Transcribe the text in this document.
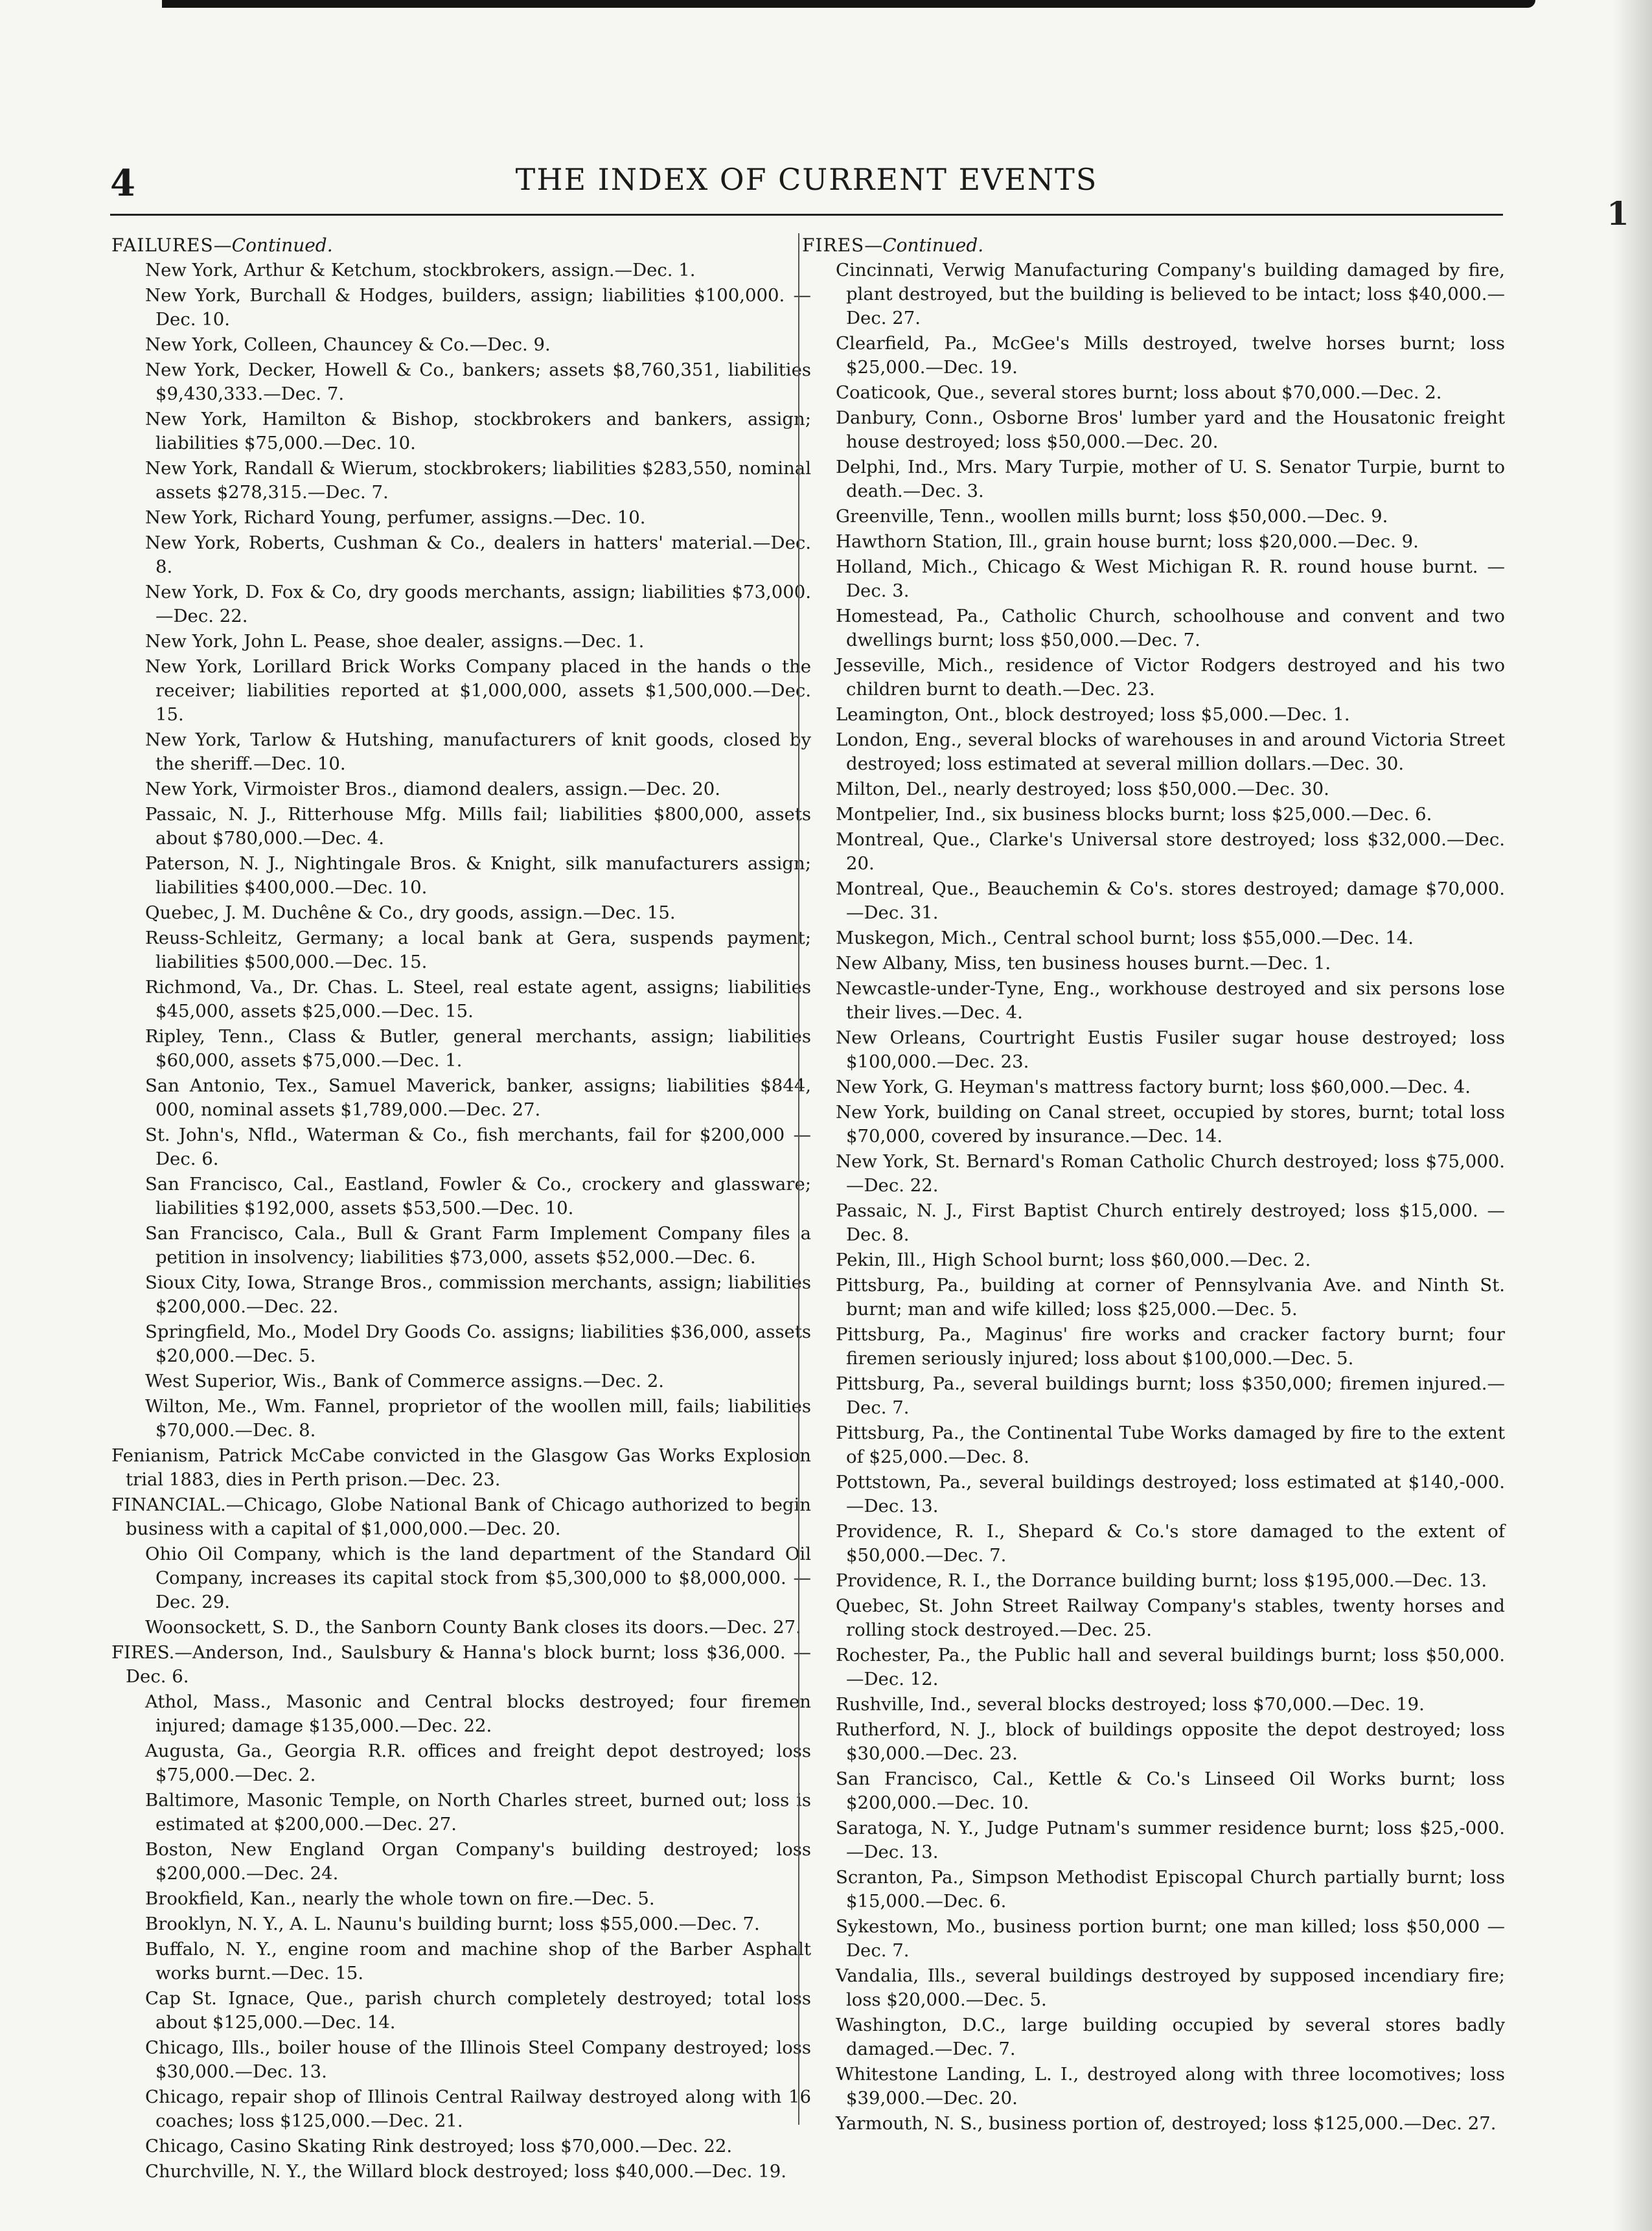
4	THE INDEX OF CURRENT EVENTS
FAILURES—Continued.
New York, Arthur & Ketchum, stockbrokers, assign.—Dec. 1.
New York, Burchall & Hodges, builders, assign; liabilities $100,000. —Dec. 10.
New York, Colleen, Chauncey & Co.—Dec. 9.
New York, Decker, Howell & Co., bankers; assets $8,760,351, liabilities $9,430,333.—Dec. 7.
New York, Hamilton & Bishop, stockbrokers and bankers, assign; liabilities $75,000.—Dec. 10.
New York, Randall & Wierum, stockbrokers; liabilities $283,550, nominal assets $278,315.—Dec. 7.
New York, Richard Young, perfumer, assigns.—Dec. 10.
New York, Roberts, Cushman & Co., dealers in hatters' material.—Dec. 8.
New York, D. Fox & Co, dry goods merchants, assign; liabilities $73,000.—Dec. 22.
New York, John L. Pease, shoe dealer, assigns.—Dec. 1.
New York, Lorillard Brick Works Company placed in the hands o the receiver; liabilities reported at $1,000,000, assets $1,500,000.—Dec. 15.
New York, Tarlow & Hutshing, manufacturers of knit goods, closed by the sheriff.—Dec. 10.
New York, Virmoister Bros., diamond dealers, assign.—Dec. 20.
Passaic, N. J., Ritterhouse Mfg. Mills fail; liabilities $800,000, assets about $780,000.—Dec. 4.
Paterson, N. J., Nightingale Bros. & Knight, silk manufacturers assign; liabilities $400,000.—Dec. 10.
Quebec, J. M. Duchêne & Co., dry goods, assign.—Dec. 15.
Reuss-Schleitz, Germany; a local bank at Gera, suspends payment; liabilities $500,000.—Dec. 15.
Richmond, Va., Dr. Chas. L. Steel, real estate agent, assigns; liabilities $45,000, assets $25,000.—Dec. 15.
Ripley, Tenn., Class & Butler, general merchants, assign; liabilities $60,000, assets $75,000.—Dec. 1.
San Antonio, Tex., Samuel Maverick, banker, assigns; liabilities $844, 000, nominal assets $1,789,000.—Dec. 27.
St. John's, Nfld., Waterman & Co., fish merchants, fail for $200,000 —Dec. 6.
San Francisco, Cal., Eastland, Fowler & Co., crockery and glassware; liabilities $192,000, assets $53,500.—Dec. 10.
San Francisco, Cala., Bull & Grant Farm Implement Company files a petition in insolvency; liabilities $73,000, assets $52,000.—Dec. 6.
Sioux City, Iowa, Strange Bros., commission merchants, assign; liabilities $200,000.—Dec. 22.
Springfield, Mo., Model Dry Goods Co. assigns; liabilities $36,000, assets $20,000.—Dec. 5.
West Superior, Wis., Bank of Commerce assigns.—Dec. 2.
Wilton, Me., Wm. Fannel, proprietor of the woollen mill, fails; liabilities $70,000.—Dec. 8.
Fenianism, Patrick McCabe convicted in the Glasgow Gas Works Explosion trial 1883, dies in Perth prison.—Dec. 23.
FINANCIAL.—Chicago, Globe National Bank of Chicago authorized to begin business with a capital of $1,000,000.—Dec. 20.
Ohio Oil Company, which is the land department of the Standard Oil Company, increases its capital stock from $5,300,000 to $8,000,000. —Dec. 29.
Woonsockett, S. D., the Sanborn County Bank closes its doors.—Dec. 27.
FIRES.—Anderson, Ind., Saulsbury & Hanna's block burnt; loss $36,000. —Dec. 6.
Athol, Mass., Masonic and Central blocks destroyed; four firemen injured; damage $135,000.—Dec. 22.
Augusta, Ga., Georgia R.R. offices and freight depot destroyed; loss $75,000.—Dec. 2.
Baltimore, Masonic Temple, on North Charles street, burned out; loss is estimated at $200,000.—Dec. 27.
Boston, New England Organ Company's building destroyed; loss $200,000.—Dec. 24.
Brookfield, Kan., nearly the whole town on fire.—Dec. 5.
Brooklyn, N. Y., A. L. Naunu's building burnt; loss $55,000.—Dec. 7.
Buffalo, N. Y., engine room and machine shop of the Barber Asphalt works burnt.—Dec. 15.
Cap St. Ignace, Que., parish church completely destroyed; total loss about $125,000.—Dec. 14.
Chicago, Ills., boiler house of the Illinois Steel Company destroyed; loss $30,000.—Dec. 13.
Chicago, repair shop of Illinois Central Railway destroyed along with 16 coaches; loss $125,000.—Dec. 21.
Chicago, Casino Skating Rink destroyed; loss $70,000.—Dec. 22.
Churchville, N. Y., the Willard block destroyed; loss $40,000.—Dec. 19.
FIRES—Continued.
Cincinnati, Verwig Manufacturing Company's building damaged by fire, plant destroyed, but the building is believed to be intact; loss $40,000.—Dec. 27.
Clearfield, Pa., McGee's Mills destroyed, twelve horses burnt; loss $25,000.—Dec. 19.
Coaticook, Que., several stores burnt; loss about $70,000.—Dec. 2.
Danbury, Conn., Osborne Bros' lumber yard and the Housatonic freight house destroyed; loss $50,000.—Dec. 20.
Delphi, Ind., Mrs. Mary Turpie, mother of U. S. Senator Turpie, burnt to death.—Dec. 3.
Greenville, Tenn., woollen mills burnt; loss $50,000.—Dec. 9.
Hawthorn Station, Ill., grain house burnt; loss $20,000.—Dec. 9.
Holland, Mich., Chicago & West Michigan R. R. round house burnt. —Dec. 3.
Homestead, Pa., Catholic Church, schoolhouse and convent and two dwellings burnt; loss $50,000.—Dec. 7.
Jesseville, Mich., residence of Victor Rodgers destroyed and his two children burnt to death.—Dec. 23.
Leamington, Ont., block destroyed; loss $5,000.—Dec. 1.
London, Eng., several blocks of warehouses in and around Victoria Street destroyed; loss estimated at several million dollars.—Dec. 30.
Milton, Del., nearly destroyed; loss $50,000.—Dec. 30.
Montpelier, Ind., six business blocks burnt; loss $25,000.—Dec. 6.
Montreal, Que., Clarke's Universal store destroyed; loss $32,000.—Dec. 20.
Montreal, Que., Beauchemin & Co's. stores destroyed; damage $70,000. —Dec. 31.
Muskegon, Mich., Central school burnt; loss $55,000.—Dec. 14.
New Albany, Miss, ten business houses burnt.—Dec. 1.
Newcastle-under-Tyne, Eng., workhouse destroyed and six persons lose their lives.—Dec. 4.
New Orleans, Courtright Eustis Fusiler sugar house destroyed; loss $100,000.—Dec. 23.
New York, G. Heyman's mattress factory burnt; loss $60,000.—Dec. 4.
New York, building on Canal street, occupied by stores, burnt; total loss $70,000, covered by insurance.—Dec. 14.
New York, St. Bernard's Roman Catholic Church destroyed; loss $75,000.—Dec. 22.
Passaic, N. J., First Baptist Church entirely destroyed; loss $15,000. —Dec. 8.
Pekin, Ill., High School burnt; loss $60,000.—Dec. 2.
Pittsburg, Pa., building at corner of Pennsylvania Ave. and Ninth St. burnt; man and wife killed; loss $25,000.—Dec. 5.
Pittsburg, Pa., Maginus' fire works and cracker factory burnt; four firemen seriously injured; loss about $100,000.—Dec. 5.
Pittsburg, Pa., several buildings burnt; loss $350,000; firemen injured.—Dec. 7.
Pittsburg, Pa., the Continental Tube Works damaged by fire to the extent of $25,000.—Dec. 8.
Pottstown, Pa., several buildings destroyed; loss estimated at $140,-000.—Dec. 13.
Providence, R. I., Shepard & Co.'s store damaged to the extent of $50,000.—Dec. 7.
Providence, R. I., the Dorrance building burnt; loss $195,000.—Dec. 13.
Quebec, St. John Street Railway Company's stables, twenty horses and rolling stock destroyed.—Dec. 25.
Rochester, Pa., the Public hall and several buildings burnt; loss $50,000.—Dec. 12.
Rushville, Ind., several blocks destroyed; loss $70,000.—Dec. 19.
Rutherford, N. J., block of buildings opposite the depot destroyed; loss $30,000.—Dec. 23.
San Francisco, Cal., Kettle & Co.'s Linseed Oil Works burnt; loss $200,000.—Dec. 10.
Saratoga, N. Y., Judge Putnam's summer residence burnt; loss $25,-000.—Dec. 13.
Scranton, Pa., Simpson Methodist Episcopal Church partially burnt; loss $15,000.—Dec. 6.
Sykestown, Mo., business portion burnt; one man killed; loss $50,000 —Dec. 7.
Vandalia, Ills., several buildings destroyed by supposed incendiary fire; loss $20,000.—Dec. 5.
Washington, D.C., large building occupied by several stores badly damaged.—Dec. 7.
Whitestone Landing, L. I., destroyed along with three locomotives; loss $39,000.—Dec. 20.
Yarmouth, N. S., business portion of, destroyed; loss $125,000.—Dec. 27.
1
